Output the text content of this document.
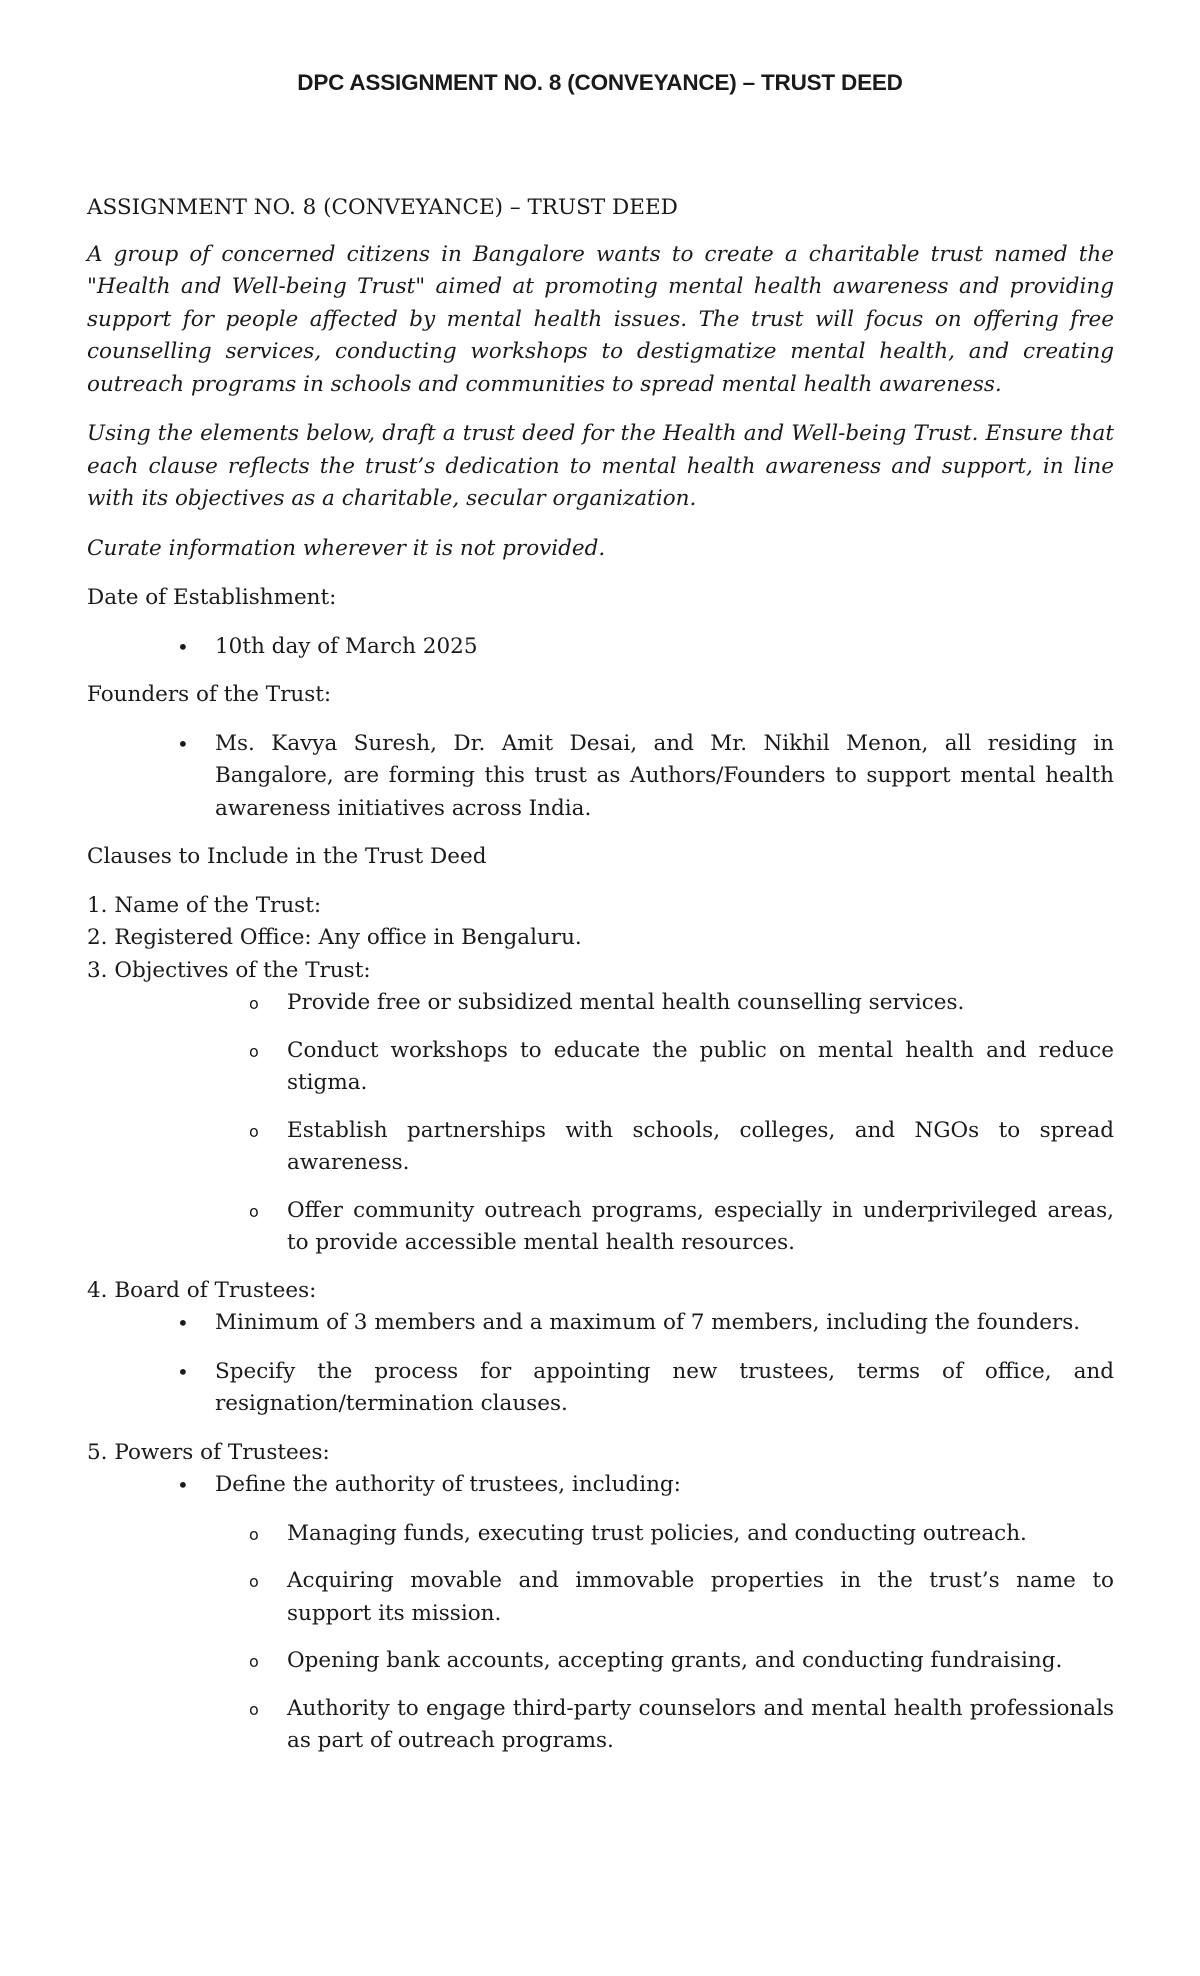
DPC ASSIGNMENT NO. 8 (CONVEYANCE) – TRUST DEED

ASSIGNMENT NO. 8 (CONVEYANCE) – TRUST DEED

A group of concerned citizens in Bangalore wants to create a charitable trust named the "Health and Well-being Trust" aimed at promoting mental health awareness and providing support for people affected by mental health issues. The trust will focus on offering free counselling services, conducting workshops to destigmatize mental health, and creating outreach programs in schools and communities to spread mental health awareness.

Using the elements below, draft a trust deed for the Health and Well-being Trust. Ensure that each clause reflects the trust’s dedication to mental health awareness and support, in line with its objectives as a charitable, secular organization.

Curate information wherever it is not provided.

Date of Establishment:

• 10th day of March 2025

Founders of the Trust:

• Ms. Kavya Suresh, Dr. Amit Desai, and Mr. Nikhil Menon, all residing in Bangalore, are forming this trust as Authors/Founders to support mental health awareness initiatives across India.

Clauses to Include in the Trust Deed

1. Name of the Trust:

2. Registered Office: Any office in Bengaluru.

3. Objectives of the Trust:

o Provide free or subsidized mental health counselling services.
o Conduct workshops to educate the public on mental health and reduce stigma.
o Establish partnerships with schools, colleges, and NGOs to spread awareness.
o Offer community outreach programs, especially in underprivileged areas, to provide accessible mental health resources.

4. Board of Trustees:

• Minimum of 3 members and a maximum of 7 members, including the founders.
• Specify the process for appointing new trustees, terms of office, and resignation/termination clauses.

5. Powers of Trustees:

• Define the authority of trustees, including:
o Managing funds, executing trust policies, and conducting outreach.
o Acquiring movable and immovable properties in the trust’s name to support its mission.
o Opening bank accounts, accepting grants, and conducting fundraising.
o Authority to engage third-party counselors and mental health professionals as part of outreach programs.
